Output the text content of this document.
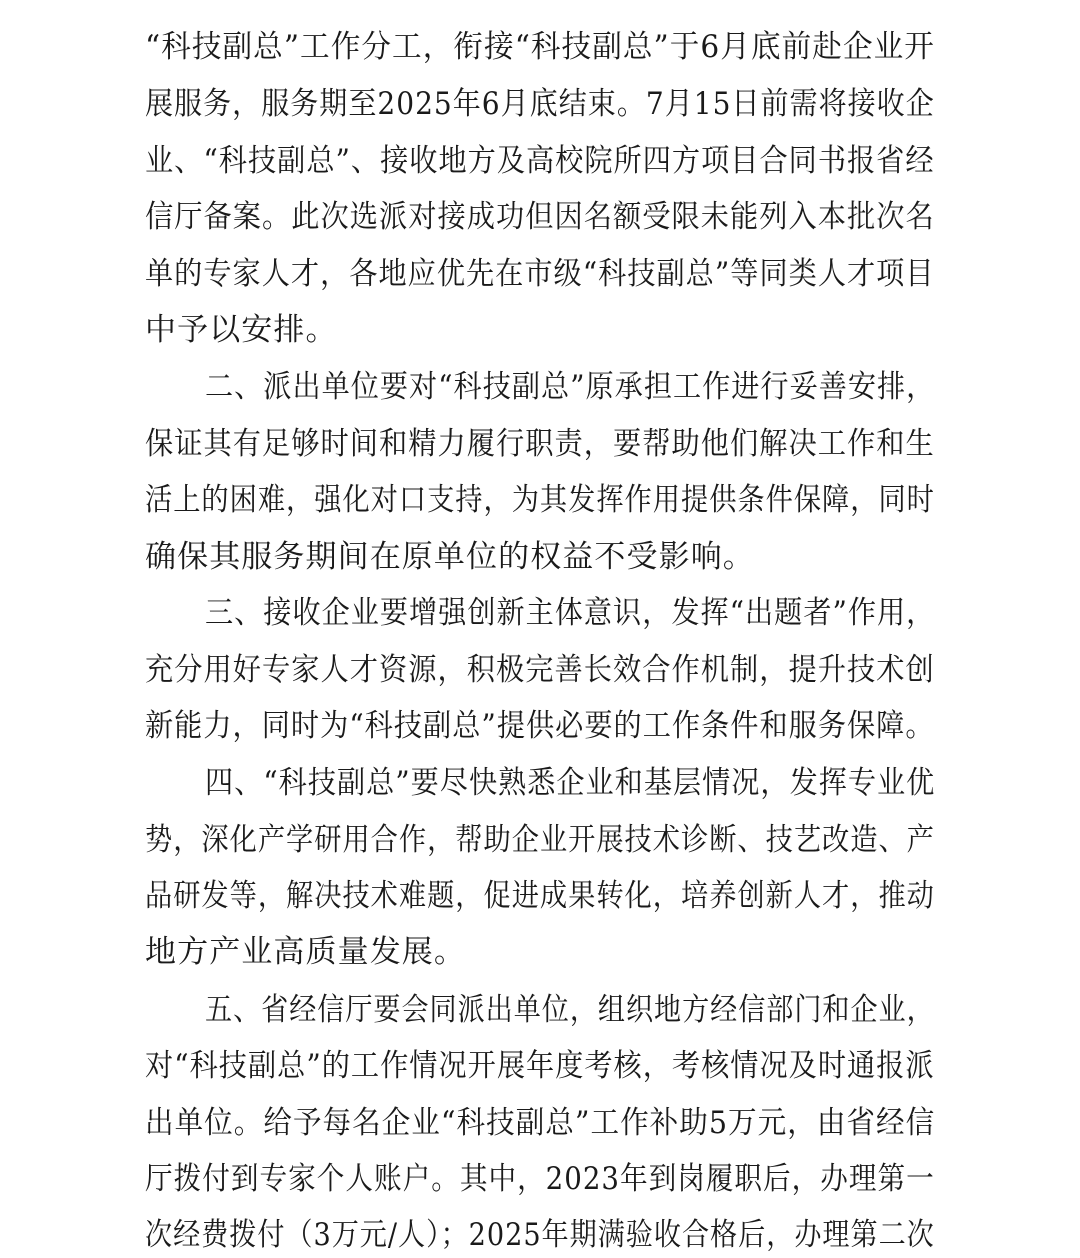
“科技副总”工作分工，衔接“科技副总”于6月底前赴企业开
展服务，服务期至2025年6月底结束。7月15日前需将接收企
业、“科技副总”、接收地方及高校院所四方项目合同书报省经
信厅备案。此次选派对接成功但因名额受限未能列入本批次名
单的专家人才，各地应优先在市级“科技副总”等同类人才项目
中予以安排。
二、派出单位要对“科技副总”原承担工作进行妥善安排，
保证其有足够时间和精力履行职责，要帮助他们解决工作和生
活上的困难，强化对口支持，为其发挥作用提供条件保障，同时
确保其服务期间在原单位的权益不受影响。
三、接收企业要增强创新主体意识，发挥“出题者”作用，
充分用好专家人才资源，积极完善长效合作机制，提升技术创
新能力，同时为“科技副总”提供必要的工作条件和服务保障。
四、“科技副总”要尽快熟悉企业和基层情况，发挥专业优
势，深化产学研用合作，帮助企业开展技术诊断、技艺改造、产
品研发等，解决技术难题，促进成果转化，培养创新人才，推动
地方产业高质量发展。
五、省经信厅要会同派出单位，组织地方经信部门和企业，
对“科技副总”的工作情况开展年度考核，考核情况及时通报派
出单位。给予每名企业“科技副总”工作补助5万元，由省经信
厅拨付到专家个人账户。其中，2023年到岗履职后，办理第一
次经费拨付（3万元/人）；2025年期满验收合格后，办理第二次
